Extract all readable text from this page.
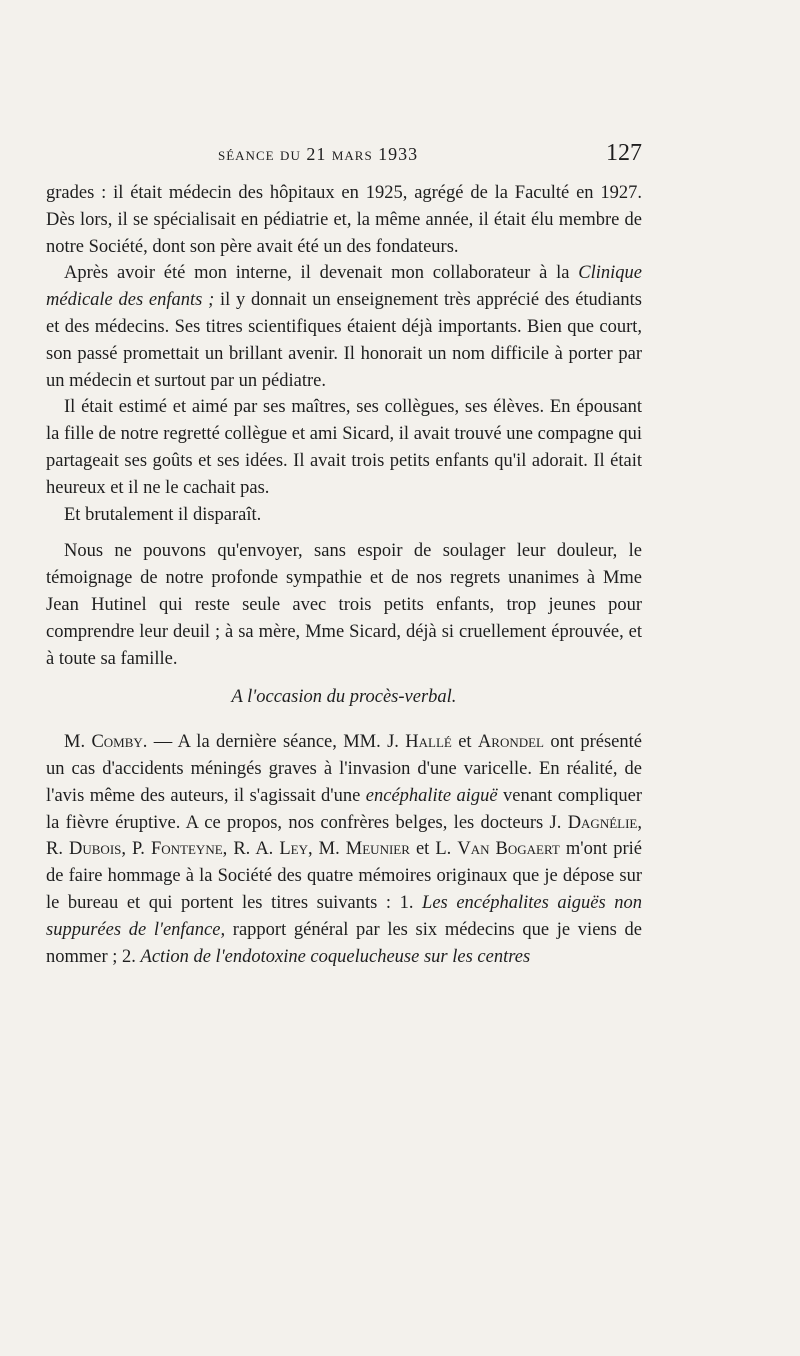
séance du 21 mars 1933	127

grades : il était médecin des hôpitaux en 1925, agrégé de la Faculté en 1927. Dès lors, il se spécialisait en pédiatrie et, la même année, il était élu membre de notre Société, dont son père avait été un des fondateurs.

Après avoir été mon interne, il devenait mon collaborateur à la Clinique médicale des enfants ; il y donnait un enseignement très apprécié des étudiants et des médecins. Ses titres scientifiques étaient déjà importants. Bien que court, son passé promettait un brillant avenir. Il honorait un nom difficile à porter par un médecin et surtout par un pédiatre.

Il était estimé et aimé par ses maîtres, ses collègues, ses élèves. En épousant la fille de notre regretté collègue et ami Sicard, il avait trouvé une compagne qui partageait ses goûts et ses idées. Il avait trois petits enfants qu'il adorait. Il était heureux et il ne le cachait pas.

Et brutalement il disparaît.

Nous ne pouvons qu'envoyer, sans espoir de soulager leur douleur, le témoignage de notre profonde sympathie et de nos regrets unanimes à Mme Jean Hutinel qui reste seule avec trois petits enfants, trop jeunes pour comprendre leur deuil ; à sa mère, Mme Sicard, déjà si cruellement éprouvée, et à toute sa famille.

A l'occasion du procès-verbal.

M. Comby. — A la dernière séance, MM. J. Hallé et Arondel ont présenté un cas d'accidents méningés graves à l'invasion d'une varicelle. En réalité, de l'avis même des auteurs, il s'agissait d'une encéphalite aiguë venant compliquer la fièvre éruptive. A ce propos, nos confrères belges, les docteurs J. Dagnélie, R. Dubois, P. Fonteyne, R. A. Ley, M. Meunier et L. Van Bogaert m'ont prié de faire hommage à la Société des quatre mémoires originaux que je dépose sur le bureau et qui portent les titres suivants : 1. Les encéphalites aiguës non suppurées de l'enfance, rapport général par les six médecins que je viens de nommer ; 2. Action de l'endotoxine coquelucheuse sur les centres
